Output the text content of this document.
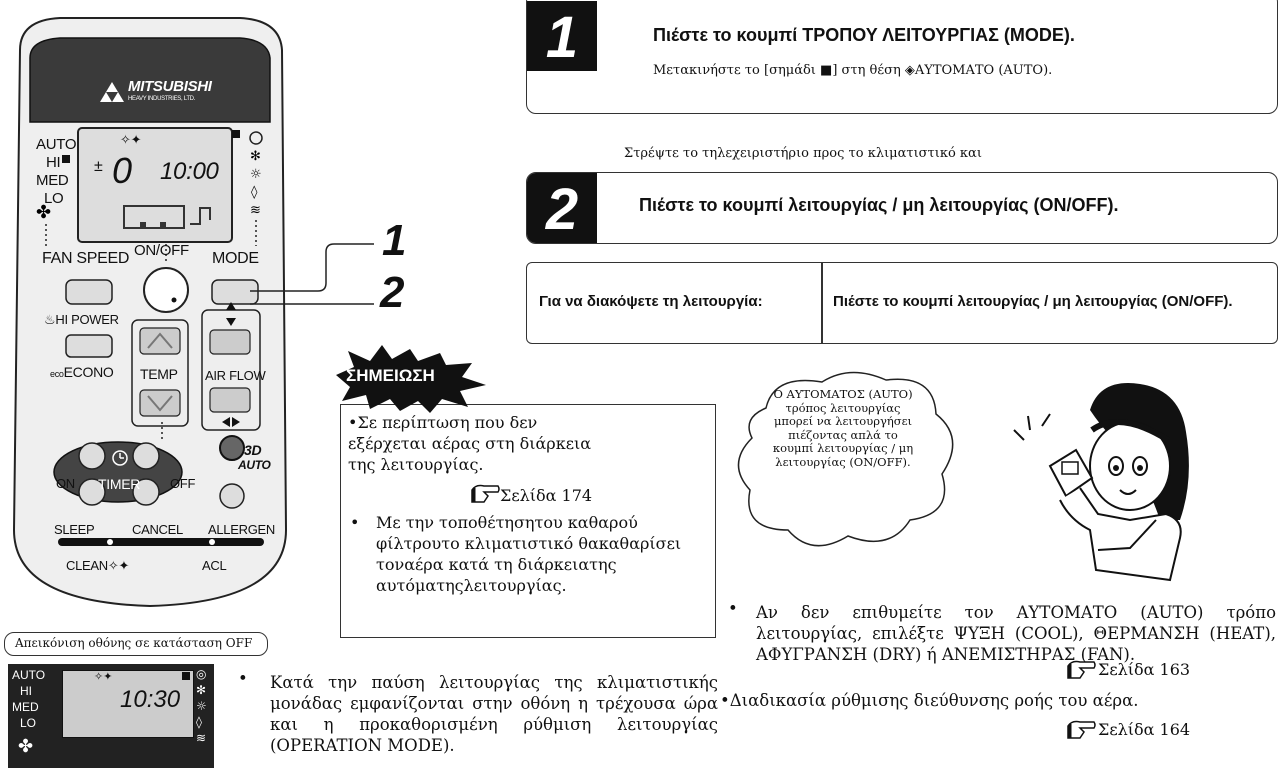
✻
☼
◊
≋
✤
MITSUBISHI
HEAVY INDUSTRIES, LTD.
AUTO
HI
MED
LO
± 0 10:00
✧✦
FAN SPEED ON/OFF MODE
♨HI POWER
ecoECONO TEMP AIR FLOW
3D
AUTO
ON TIMER OFF
SLEEP	CANCEL ALLERGEN
CLEAN✧✦	ACL
1
2
1	Πιέστε το κουμπί ΤΡΟΠΟΥ ΛΕΙΤΟΥΡΓΙΑΣ (MODE).
Μετακινήστε το [σημάδι ■] στη θέση ◈ΑΥΤΟΜΑΤΟ (AUTO).
Στρέψτε το τηλεχειριστήριο προς το κλιματιστικό και
2	Πιέστε το κουμπί λειτουργίας / μη λειτουργίας (ON/OFF).
Για να διακόψετε τη λειτουργία:	Πιέστε το κουμπί λειτουργίας / μη λειτουργίας (ON/OFF).
ΣΗΜΕΙΩΣΗ
•Σε περίπτωση που δεν εξέρχεται αέρας στη διάρκεια της λειτουργίας.
Σελίδα 174
• Με την τοποθέτησητου καθαρού φίλτρουτο κλιματιστικό θακαθαρίσει τοναέρα κατά τη διάρκειατης αυτόματηςλειτουργίας.
Ο ΑΥΤΟΜΑΤΟΣ (AUTO) τρόπος λειτουργίας μπορεί να λειτουργήσει πιέζοντας απλά το κουμπί λειτουργίας / μη λειτουργίας (ON/OFF).
Απεικόνιση οθόνης σε κατάσταση OFF
10:30
✧✦
AUTO
HI
MED
LO
✤
◎
✻
☼
◊
≋
• Κατά την παύση λειτουργίας της κλιματιστικής μονάδας εμφανίζονται στην οθόνη η τρέχουσα ώρα και η προκαθορισμένη ρύθμιση λειτουργίας (OPERATION MODE).
• Αν δεν επιθυμείτε τον ΑΥΤΟΜΑΤΟ (AUTO) τρόπο λειτουργίας, επιλέξτε ΨΥΞΗ (COOL), ΘΕΡΜΑΝΣΗ (HEAT), ΑΦΥΓΡΑΝΣΗ (DRY) ή ΑΝΕΜΙΣΤΗΡΑΣ (FAN).
Σελίδα 163
•Διαδικασία ρύθμισης διεύθυνσης ροής του αέρα.
Σελίδα 164
